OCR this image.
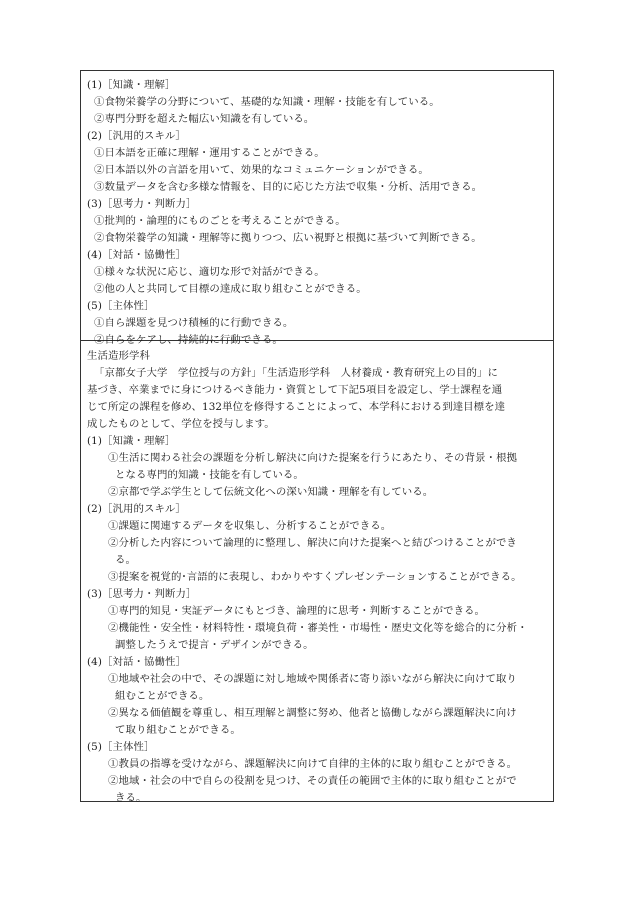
(1)［知識・理解］
①食物栄養学の分野について、基礎的な知識・理解・技能を有している。
②専門分野を超えた幅広い知識を有している。
(2)［汎用的スキル］
①日本語を正確に理解・運用することができる。
②日本語以外の言語を用いて、効果的なコミュニケーションができる。
③数量データを含む多様な情報を、目的に応じた方法で収集・分析、活用できる。
(3)［思考力・判断力］
①批判的・論理的にものごとを考えることができる。
②食物栄養学の知識・理解等に拠りつつ、広い視野と根拠に基づいて判断できる。
(4)［対話・協働性］
①様々な状況に応じ、適切な形で対話ができる。
②他の人と共同して目標の達成に取り組むことができる。
(5)［主体性］
①自ら課題を見つけ積極的に行動できる。
②自らをケアし、持続的に行動できる。
生活造形学科
「京都女子大学　学位授与の方針」「生活造形学科　人材養成・教育研究上の目的」に
基づき、卒業までに身につけるべき能力・資質として下記5項目を設定し、学士課程を通
じて所定の課程を修め、132単位を修得することによって、本学科における到達目標を達
成したものとして、学位を授与します。
(1)［知識・理解］
①生活に関わる社会の課題を分析し解決に向けた提案を行うにあたり、その背景・根拠
となる専門的知識・技能を有している。
②京都で学ぶ学生として伝統文化への深い知識・理解を有している。
(2)［汎用的スキル］
①課題に関連するデータを収集し、分析することができる。
②分析した内容について論理的に整理し、解決に向けた提案へと結びつけることができ
る。
③提案を視覚的･言語的に表現し、わかりやすくプレゼンテーションすることができる。
(3)［思考力・判断力］
①専門的知見・実証データにもとづき、論理的に思考・判断することができる。
②機能性・安全性・材料特性・環境負荷・審美性・市場性・歴史文化等を総合的に分析・
調整したうえで提言・デザインができる。
(4)［対話・協働性］
①地域や社会の中で、その課題に対し地域や関係者に寄り添いながら解決に向けて取り
組むことができる。
②異なる価値観を尊重し、相互理解と調整に努め、他者と協働しながら課題解決に向け
て取り組むことができる。
(5)［主体性］
①教員の指導を受けながら、課題解決に向けて自律的主体的に取り組むことができる。
②地域・社会の中で自らの役割を見つけ、その責任の範囲で主体的に取り組むことがで
きる。
